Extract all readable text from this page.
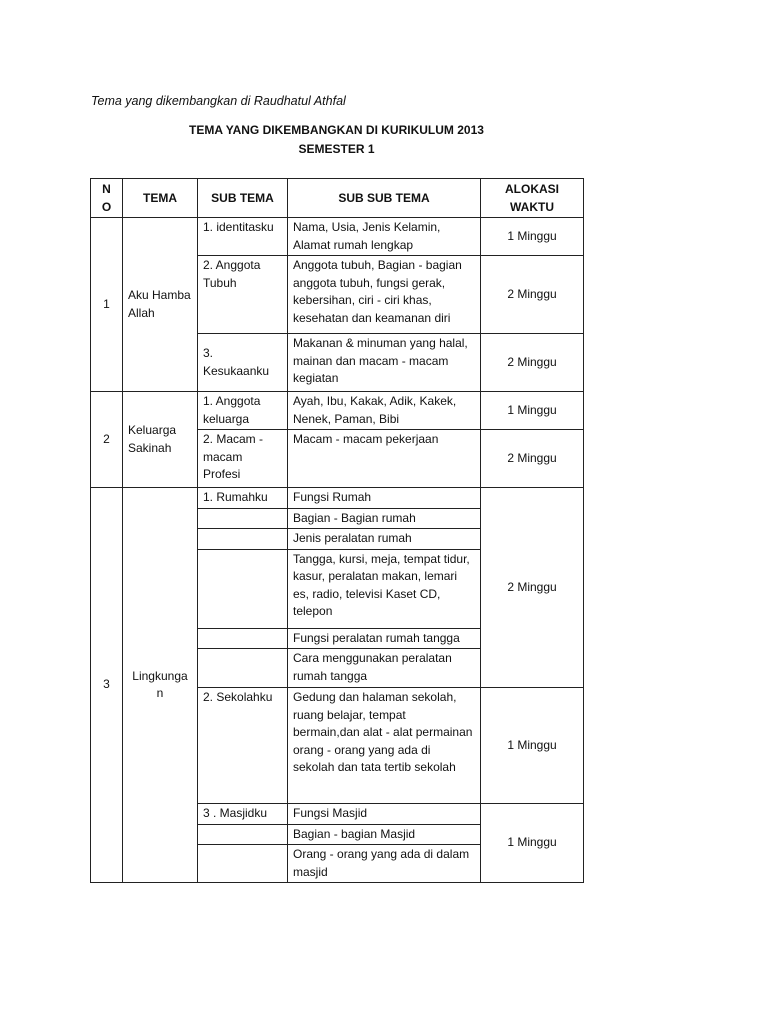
Tema yang dikembangkan di Raudhatul Athfal
TEMA YANG DIKEMBANGKAN DI KURIKULUM 2013
SEMESTER 1
N O	TEMA	SUB TEMA	SUB SUB TEMA	ALOKASI WAKTU
1	Aku Hamba Allah	1. identitasku	Nama, Usia, Jenis Kelamin, Alamat rumah lengkap	1 Minggu
		2. Anggota Tubuh	Anggota tubuh, Bagian - bagian anggota tubuh, fungsi gerak, kebersihan, ciri - ciri khas, kesehatan dan keamanan diri	2 Minggu
		3. Kesukaanku	Makanan & minuman yang halal, mainan dan macam - macam kegiatan	2 Minggu
2	Keluarga Sakinah	1. Anggota keluarga	Ayah, Ibu, Kakak, Adik, Kakek, Nenek, Paman, Bibi	1 Minggu
		2. Macam - macam Profesi	Macam - macam pekerjaan	2 Minggu
3	Lingkunga n	1. Rumahku	Fungsi Rumah	2 Minggu
			Bagian - Bagian rumah	
			Jenis peralatan rumah	
			Tangga, kursi, meja, tempat tidur, kasur, peralatan makan, lemari es, radio, televisi Kaset CD, telepon	
			Fungsi peralatan rumah tangga	
			Cara menggunakan peralatan rumah tangga	
		2. Sekolahku	Gedung dan halaman sekolah, ruang belajar, tempat bermain,dan alat - alat permainan orang - orang yang ada di sekolah dan tata tertib sekolah	1 Minggu
		3 . Masjidku	Fungsi Masjid	1 Minggu
			Bagian - bagian Masjid	
			Orang - orang yang ada di dalam masjid	
